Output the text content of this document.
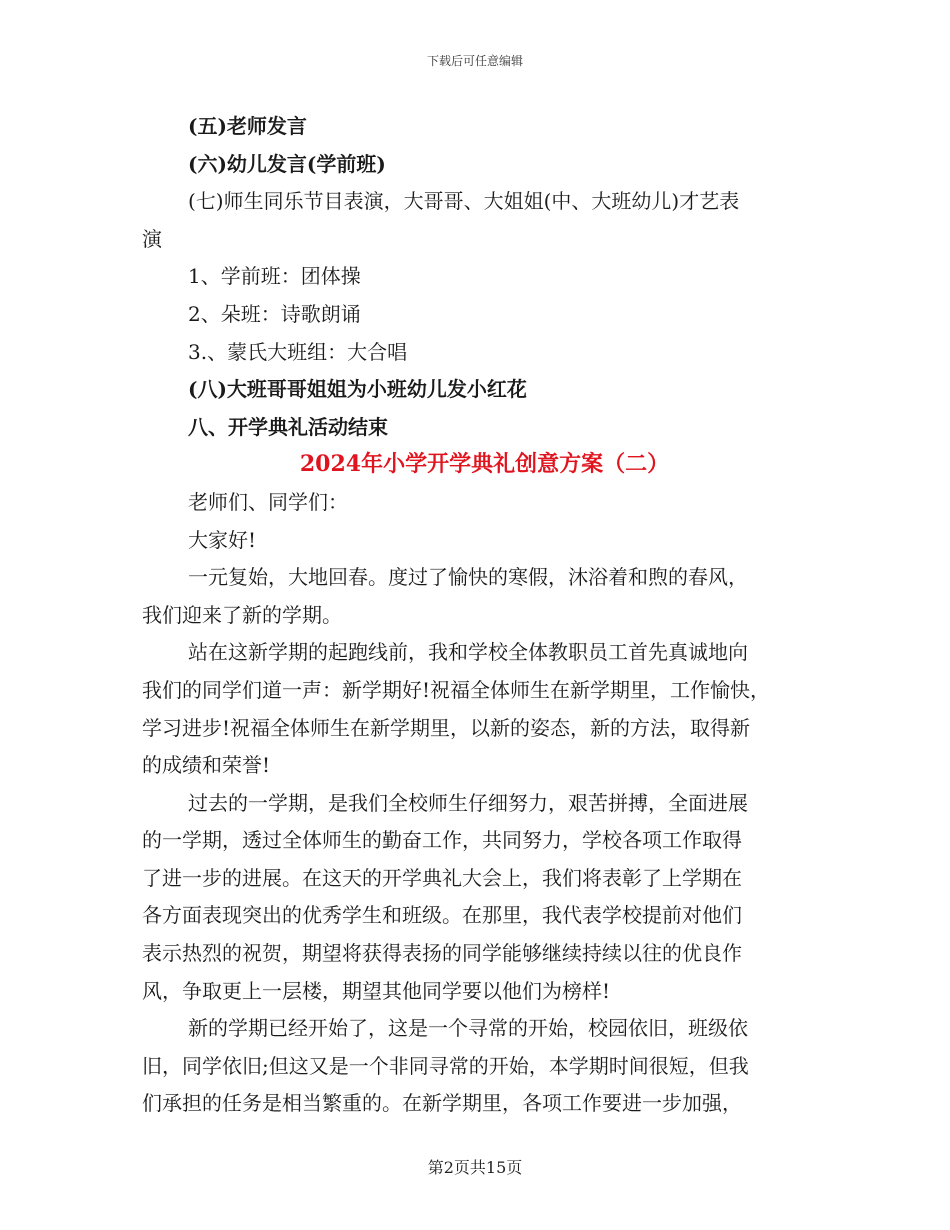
下载后可任意编辑
(五)老师发言
(六)幼儿发言(学前班)
(七)师生同乐节目表演，大哥哥、大姐姐(中、大班幼儿)才艺表
演
1、学前班：团体操
2、朵班：诗歌朗诵
3.、蒙氏大班组：大合唱
(八)大班哥哥姐姐为小班幼儿发小红花
八、开学典礼活动结束
2024年小学开学典礼创意方案（二）
老师们、同学们：
大家好!
一元复始，大地回春。度过了愉快的寒假，沐浴着和煦的春风，
我们迎来了新的学期。
站在这新学期的起跑线前，我和学校全体教职员工首先真诚地向
我们的同学们道一声：新学期好!祝福全体师生在新学期里，工作愉快，
学习进步!祝福全体师生在新学期里，以新的姿态，新的方法，取得新
的成绩和荣誉!
过去的一学期，是我们全校师生仔细努力，艰苦拼搏，全面进展
的一学期，透过全体师生的勤奋工作，共同努力，学校各项工作取得
了进一步的进展。在这天的开学典礼大会上，我们将表彰了上学期在
各方面表现突出的优秀学生和班级。在那里，我代表学校提前对他们
表示热烈的祝贺，期望将获得表扬的同学能够继续持续以往的优良作
风，争取更上一层楼，期望其他同学要以他们为榜样!
新的学期已经开始了，这是一个寻常的开始，校园依旧，班级依
旧，同学依旧;但这又是一个非同寻常的开始，本学期时间很短，但我
们承担的任务是相当繁重的。在新学期里，各项工作要进一步加强，
第2页共15页
